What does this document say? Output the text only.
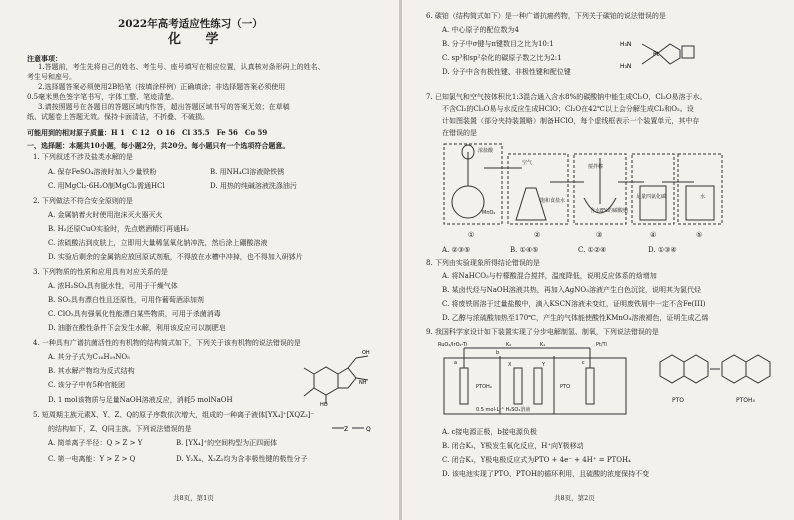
2022年高考适应性练习（一）
化 学
注意事项：
1.答题前，考生先将自己的姓名、考生号、座号填写在相应位置，认真核对条形码上的姓名、
考生号和座号。
2.选择题答案必须使用2B铅笔（按填涂样例）正确填涂；非选择题答案必须使用
0.5毫米黑色签字笔书写，字体工整、笔迹清楚。
3.请按照题号在各题目的答题区域内作答，超出答题区域书写的答案无效；在草稿
纸、试题卷上答题无效。保持卡面清洁，不折叠、不破损。
可能用到的相对原子质量：H 1　C 12　O 16　Cl 35.5　Fe 56　Co 59
一、选择题：本题共10小题，每小题2分，共20分。每小题只有一个选项符合题意。
1. 下列叙述不涉及盐类水解的是
A. 保存FeSO₄溶液时加入少量铁粉	B. 用NH₄Cl溶液除铁锈
C. 用MgCl₂·6H₂O制MgCl₂需通HCl	D. 用热的纯碱溶液洗涤油污
2. 下列做法不符合安全原则的是
A. 金属钠着火时使用泡沫灭火器灭火
B. H₂还原CuO实验时，先点燃酒精灯再通H₂
C. 浓硫酸沾到皮肤上，立即用大量稀氢氧化钠冲洗，然后涂上硼酸溶液
D. 实验后剩余的金属钠应放回原试剂瓶，不得放在水槽中冲掉，也不得加入研钵片
3. 下列物质的性质和应用具有对应关系的是
A. 浓H₂SO₄具有脱水性，可用于干燥气体
B. SO₂具有漂白性且还原性，可用作葡萄酒添加剂
C. ClO₂具有强氧化性能漂白某些物质，可用于杀菌消毒
D. 油脂在酸性条件下会发生水解，利用该反应可以制肥皂
4. 一种具有广谱抗菌活性的有机物的结构简式如下，下列关于该有机物的说法错误的是
A. 其分子式为C₁₆H₁₉NO₅
B. 其水解产物均为反式结构
C. 该分子中有5种官能团
D. 1 mol该物质与足量NaOH溶液反应，消耗5 molNaOH
OH
NH
HO
5. 短周期主族元素X、Y、Z、Q的原子序数依次增大，组成的一种离子液体[YX₄]⁺[XQZ₃]⁻
的结构如下，Z、Q同主族。下列说法错误的是
A. 简单离子半径：Q > Z > Y	B. [YX₄]⁺的空间构型为正四面体
C. 第一电离能：Y > Z > Q	D. Y₂X₄、X₂Z₂均为含非极性键的极性分子
Z	Q
共8页，第1页
6. 碳铂（结构简式如下）是一种广谱抗癌药物，下列关于碳铂的说法错误的是
A. 中心原子的配位数为4
B. 分子中σ键与π键数目之比为10:1
C. sp³和sp²杂化的碳原子数之比为2:1
D. 分子中含有极性键、非极性键和配位键
H₃N
H₃N
Pt
7. 已知氯气和空气按体积比1:3混合通入含水8%的碳酸钠中能生成Cl₂O，Cl₂O易溶于水。
不含Cl₂的Cl₂O易与水反应生成HClO；Cl₂O在42℃以上会分解生成Cl₂和O₂。设
计如图装置（部分夹持装置略）制备HClO，每个虚线框表示一个装置单元，其中存
在错误的是
浓盐酸
MnO₂
空气
饱和食盐水
搅拌棒
含水8%的碳酸钠
足量四氯化碳	水
①	②	③	④	⑤
A. ②③⑤	B. ①④⑤	C. ①②④	D. ①③④
8. 下列由实验现象所得结论错误的是
A. 将NaHCO₃与柠檬酸混合搅拌，温度降低，说明反应体系的焓增加
B. 某卤代烃与NaOH溶液共热，再加入AgNO₃溶液产生白色沉淀，说明其为氯代烃
C. 将废铁屑溶于过量盐酸中，滴入KSCN溶液未变红，证明废铁屑中一定不含Fe(III)
D. 乙醇与浓硫酸加热至170℃，产生的气体能使酸性KMnO₄溶液褪色，证明生成乙烯
9. 我国科学家设计如下装置实现了分步电解制氢、制氧，下列说法错误的是
RuO₂/IrO₂-Ti	K₂	K₁	Pt/Ti
a
b
c
X	Y
PTOH₄	PTO
0.5 mol·L⁻¹ H₂SO₄溶液
PTO	PTOH₄
A. c接电源正极，b接电源负极
B. 闭合K₂，Y极发生氧化反应，H⁺向Y极移动
C. 闭合K₁，Y极电极反应式为PTO + 4e⁻ + 4H⁺ = PTOH₄
D. 该电池实现了PTO、PTOH的循环利用，且硫酸的浓度保持不变
共8页，第2页
